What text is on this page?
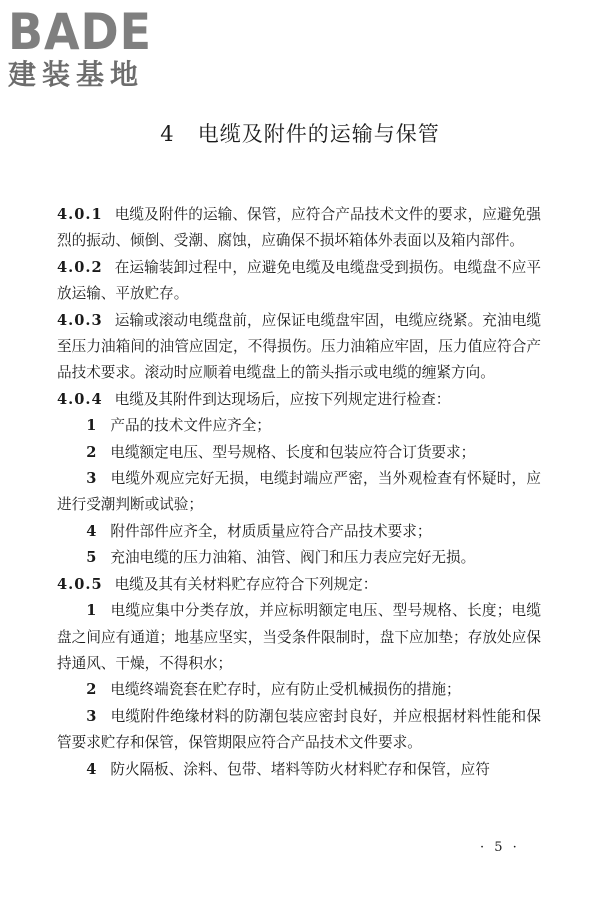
BADE
建装基地
4 电缆及附件的运输与保管

4.0.1 电缆及附件的运输、保管，应符合产品技术文件的要求，应避免强烈的振动、倾倒、受潮、腐蚀，应确保不损坏箱体外表面以及箱内部件。

4.0.2 在运输装卸过程中，应避免电缆及电缆盘受到损伤。电缆盘不应平放运输、平放贮存。

4.0.3 运输或滚动电缆盘前，应保证电缆盘牢固，电缆应绕紧。充油电缆至压力油箱间的油管应固定，不得损伤。压力油箱应牢固，压力值应符合产品技术要求。滚动时应顺着电缆盘上的箭头指示或电缆的缠紧方向。

4.0.4 电缆及其附件到达现场后，应按下列规定进行检查：

1 产品的技术文件应齐全；

2 电缆额定电压、型号规格、长度和包装应符合订货要求；

3 电缆外观应完好无损，电缆封端应严密，当外观检查有怀疑时，应进行受潮判断或试验；

4 附件部件应齐全，材质质量应符合产品技术要求；

5 充油电缆的压力油箱、油管、阀门和压力表应完好无损。

4.0.5 电缆及其有关材料贮存应符合下列规定：

1 电缆应集中分类存放，并应标明额定电压、型号规格、长度；电缆盘之间应有通道；地基应坚实，当受条件限制时，盘下应加垫；存放处应保持通风、干燥，不得积水；

2 电缆终端瓷套在贮存时，应有防止受机械损伤的措施；

3 电缆附件绝缘材料的防潮包装应密封良好，并应根据材料性能和保管要求贮存和保管，保管期限应符合产品技术文件要求。

4 防火隔板、涂料、包带、堵料等防火材料贮存和保管，应符

· 5 ·
